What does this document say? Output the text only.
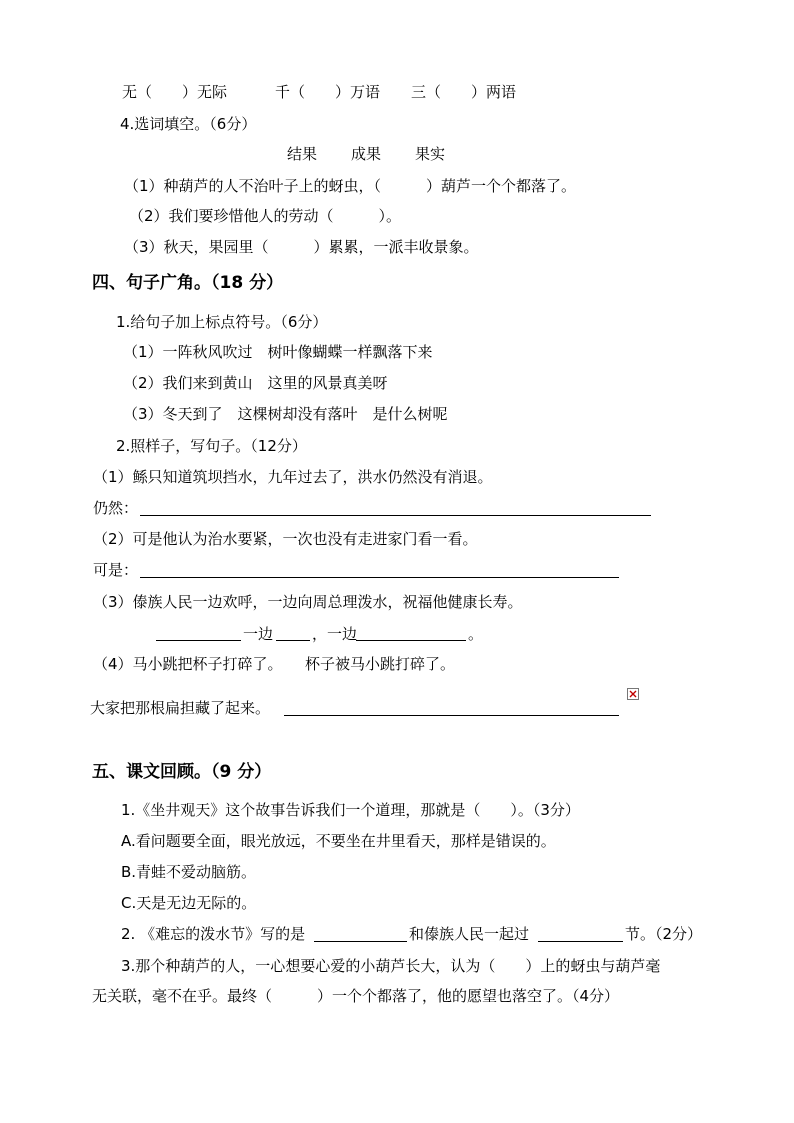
无（　　）无际	千（　　）万语 三（　　）两语
4.选词填空。（6分）
结果 成果 果实
（1）种葫芦的人不治叶子上的蚜虫，（　　　）葫芦一个个都落了。
（2）我们要珍惜他人的劳动（　　　）。
（3）秋天，果园里（　　　）累累，一派丰收景象。
四、句子广角。（18 分）
1.给句子加上标点符号。（6分）
（1）一阵秋风吹过　树叶像蝴蝶一样飘落下来
（2）我们来到黄山　这里的风景真美呀
（3）冬天到了　这棵树却没有落叶　是什么树呢
2.照样子，写句子。（12分）
（1）鲧只知道筑坝挡水，九年过去了，洪水仍然没有消退。
仍然：
（2）可是他认为治水要紧，一次也没有走进家门看一看。
可是：
（3）傣族人民一边欢呼，一边向周总理泼水，祝福他健康长寿。
一边	，一边	。
（4）马小跳把杯子打碎了。　　杯子被马小跳打碎了。
大家把那根扁担藏了起来。
五、课文回顾。（9 分）
1.《坐井观天》这个故事告诉我们一个道理，那就是（　　）。（3分）
A.看问题要全面，眼光放远，不要坐在井里看天，那样是错误的。
B.青蛙不爱动脑筋。
C.天是无边无际的。
2. 《难忘的泼水节》写的是	和傣族人民一起过	节。（2分）
3.那个种葫芦的人，一心想要心爱的小葫芦长大，认为（　　）上的蚜虫与葫芦毫
无关联，毫不在乎。最终（　　　）一个个都落了，他的愿望也落空了。（4分）
